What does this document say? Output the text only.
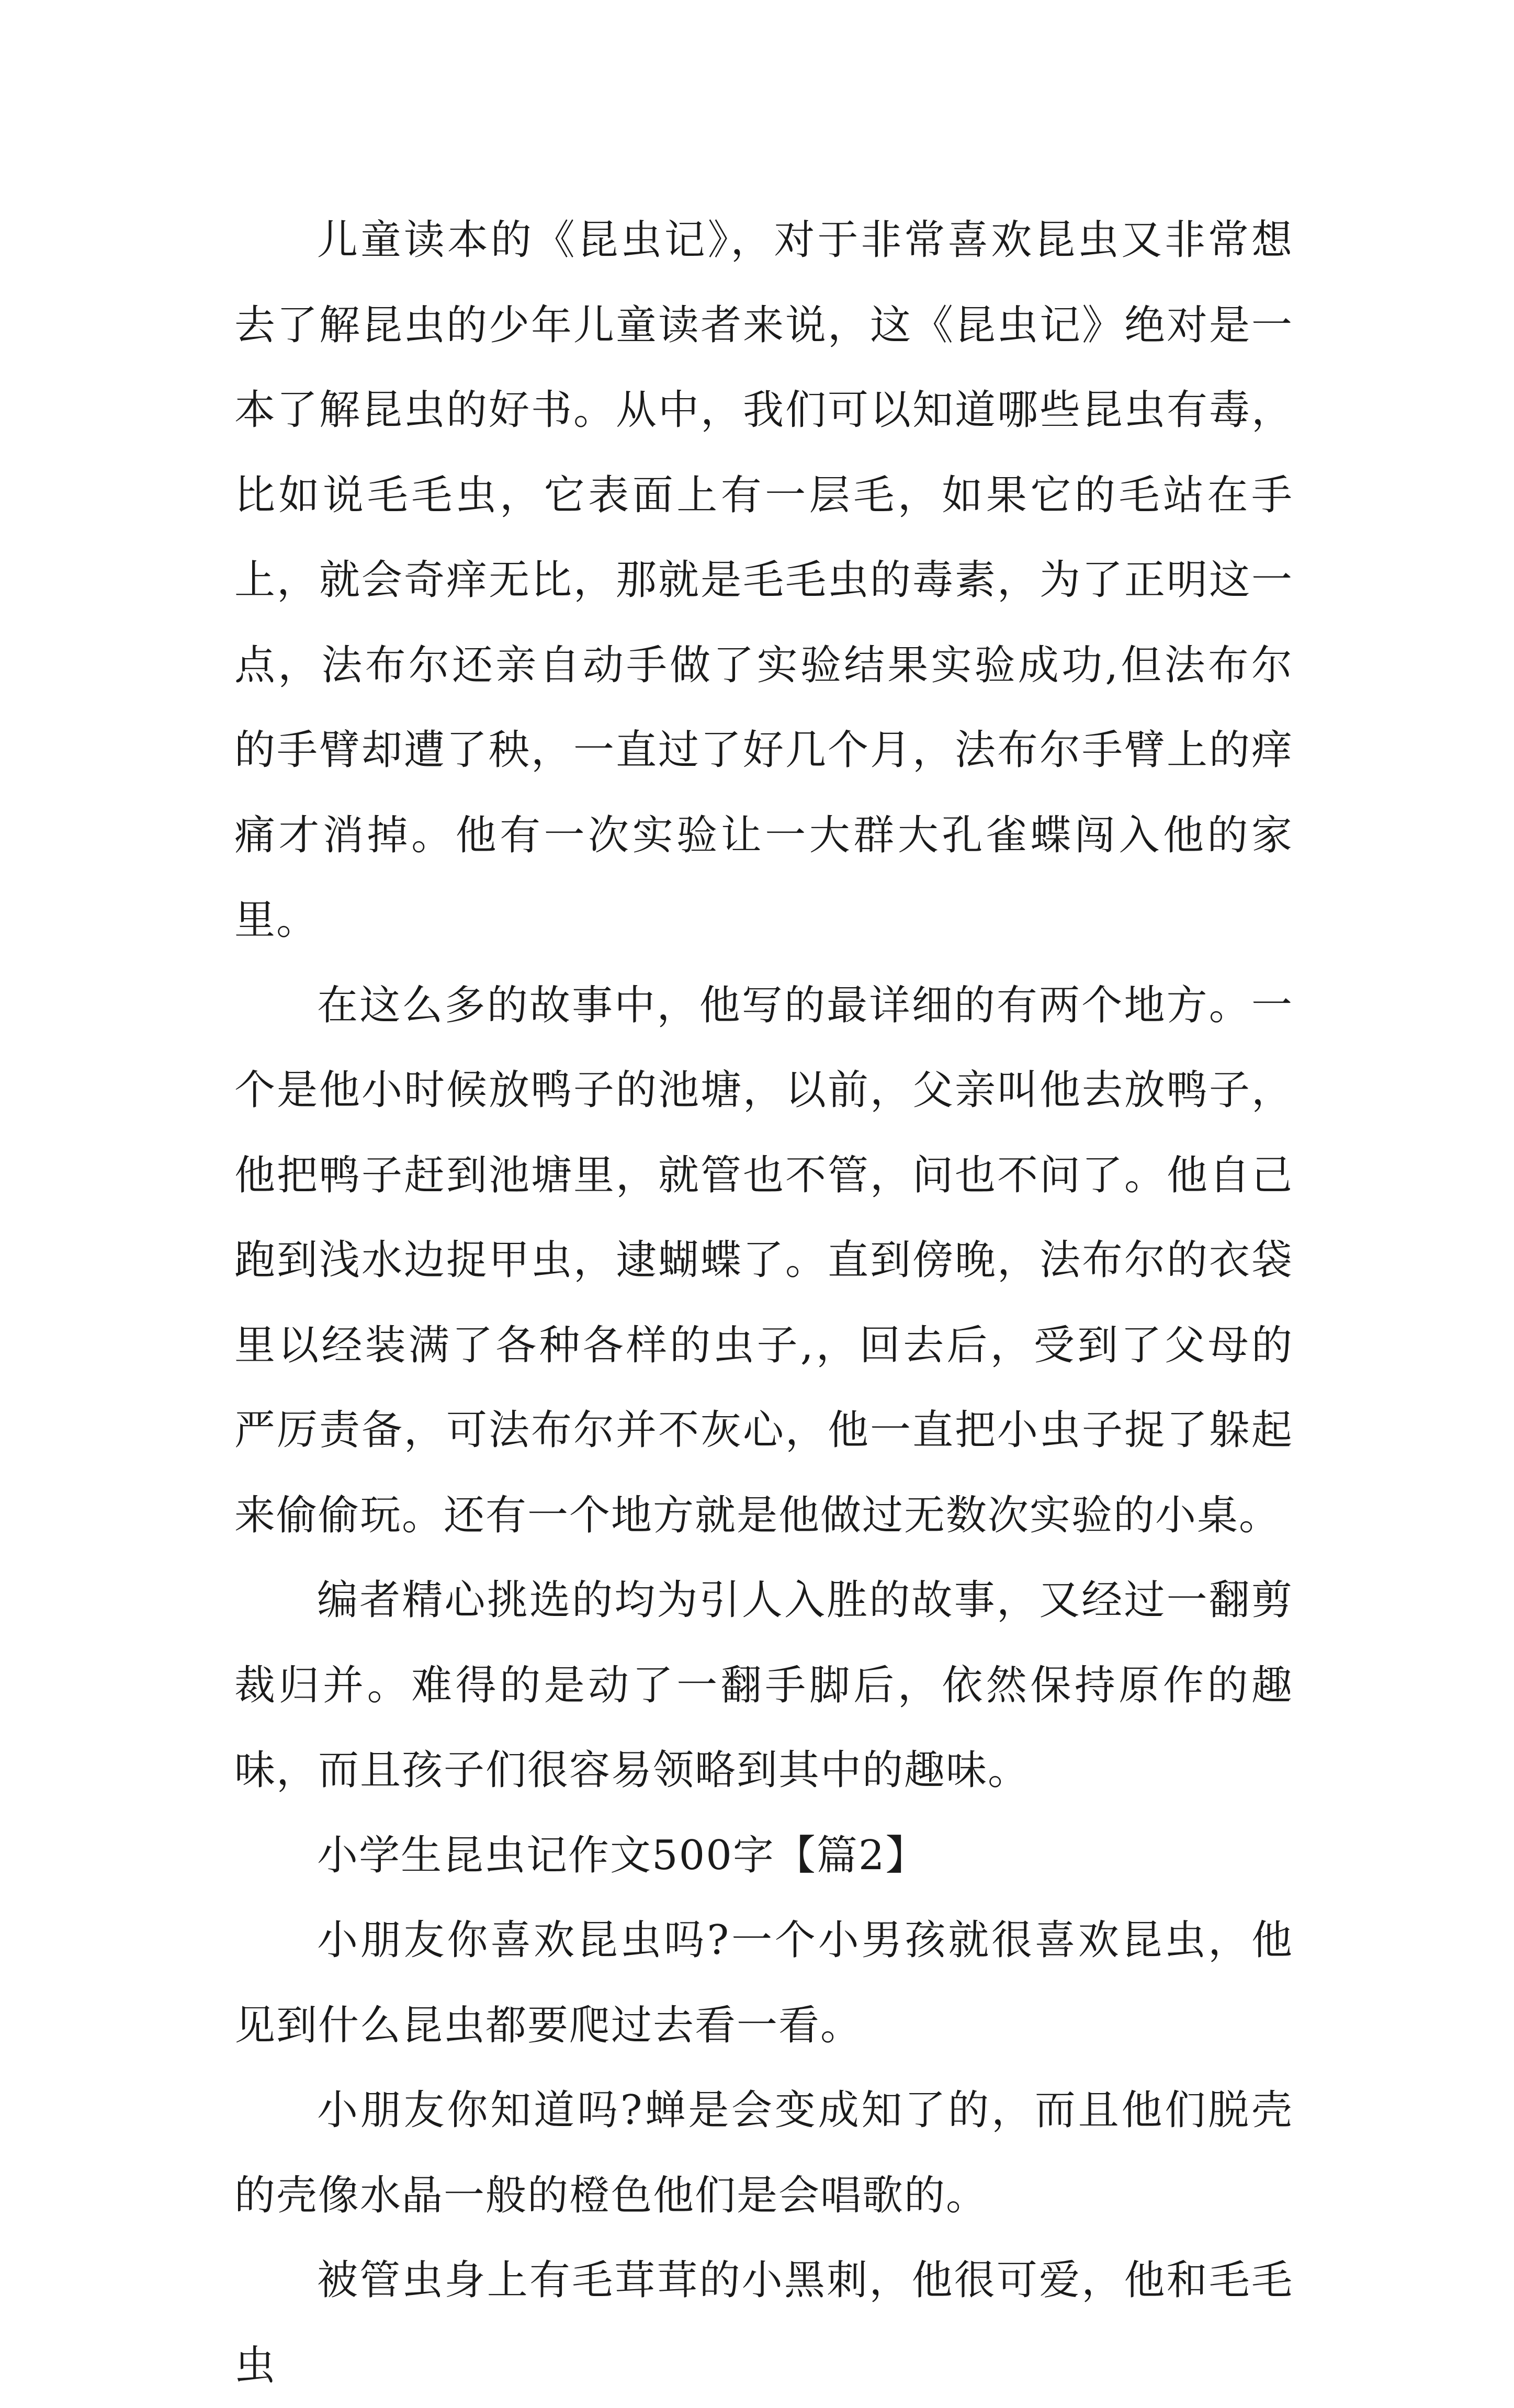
儿童读本的《昆虫记》，对于非常喜欢昆虫又非常想去了解昆虫的少年儿童读者来说，这《昆虫记》绝对是一本了解昆虫的好书。从中，我们可以知道哪些昆虫有毒，比如说毛毛虫，它表面上有一层毛，如果它的毛站在手上，就会奇痒无比，那就是毛毛虫的毒素，为了正明这一点，法布尔还亲自动手做了实验结果实验成功,但法布尔的手臂却遭了秧，一直过了好几个月，法布尔手臂上的痒痛才消掉。他有一次实验让一大群大孔雀蝶闯入他的家里。

在这么多的故事中，他写的最详细的有两个地方。一个是他小时候放鸭子的池塘，以前，父亲叫他去放鸭子，他把鸭子赶到池塘里，就管也不管，问也不问了。他自己跑到浅水边捉甲虫，逮蝴蝶了。直到傍晚，法布尔的衣袋里以经装满了各种各样的虫子,，回去后，受到了父母的严厉责备，可法布尔并不灰心，他一直把小虫子捉了躲起来偷偷玩。还有一个地方就是他做过无数次实验的小桌。

编者精心挑选的均为引人入胜的故事，又经过一翻剪裁归并。难得的是动了一翻手脚后，依然保持原作的趣味，而且孩子们很容易领略到其中的趣味。

小学生昆虫记作文500字【篇2】

小朋友你喜欢昆虫吗?一个小男孩就很喜欢昆虫，他见到什么昆虫都要爬过去看一看。

小朋友你知道吗?蝉是会变成知了的，而且他们脱壳的壳像水晶一般的橙色他们是会唱歌的。

被管虫身上有毛茸茸的小黑刺，他很可爱，他和毛毛虫
